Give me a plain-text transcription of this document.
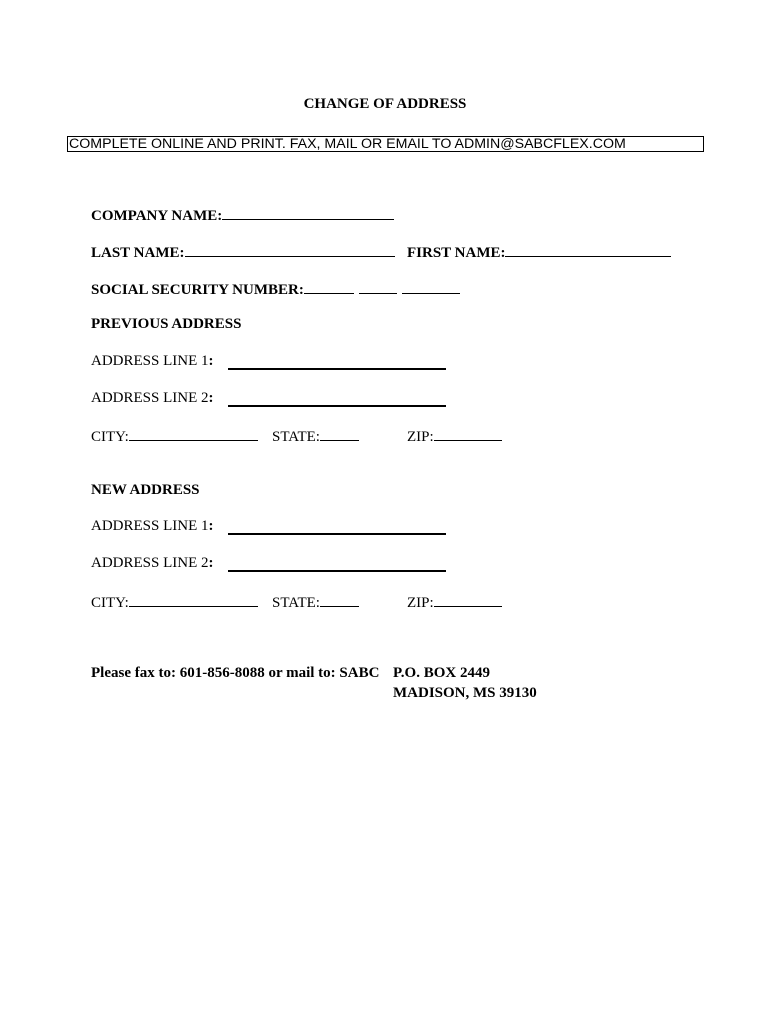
CHANGE OF ADDRESS
COMPLETE ONLINE AND PRINT. FAX, MAIL OR EMAIL TO ADMIN@SABCFLEX.COM
COMPANY NAME:
LAST NAME:	FIRST NAME:
SOCIAL SECURITY NUMBER:
PREVIOUS ADDRESS
ADDRESS LINE 1:
ADDRESS LINE 2:
CITY:	STATE:	ZIP:
NEW ADDRESS
ADDRESS LINE 1:
ADDRESS LINE 2:
CITY:	STATE:	ZIP:
Please fax to: 601-856-8088 or mail to: SABC P.O. BOX 2449
MADISON, MS 39130
